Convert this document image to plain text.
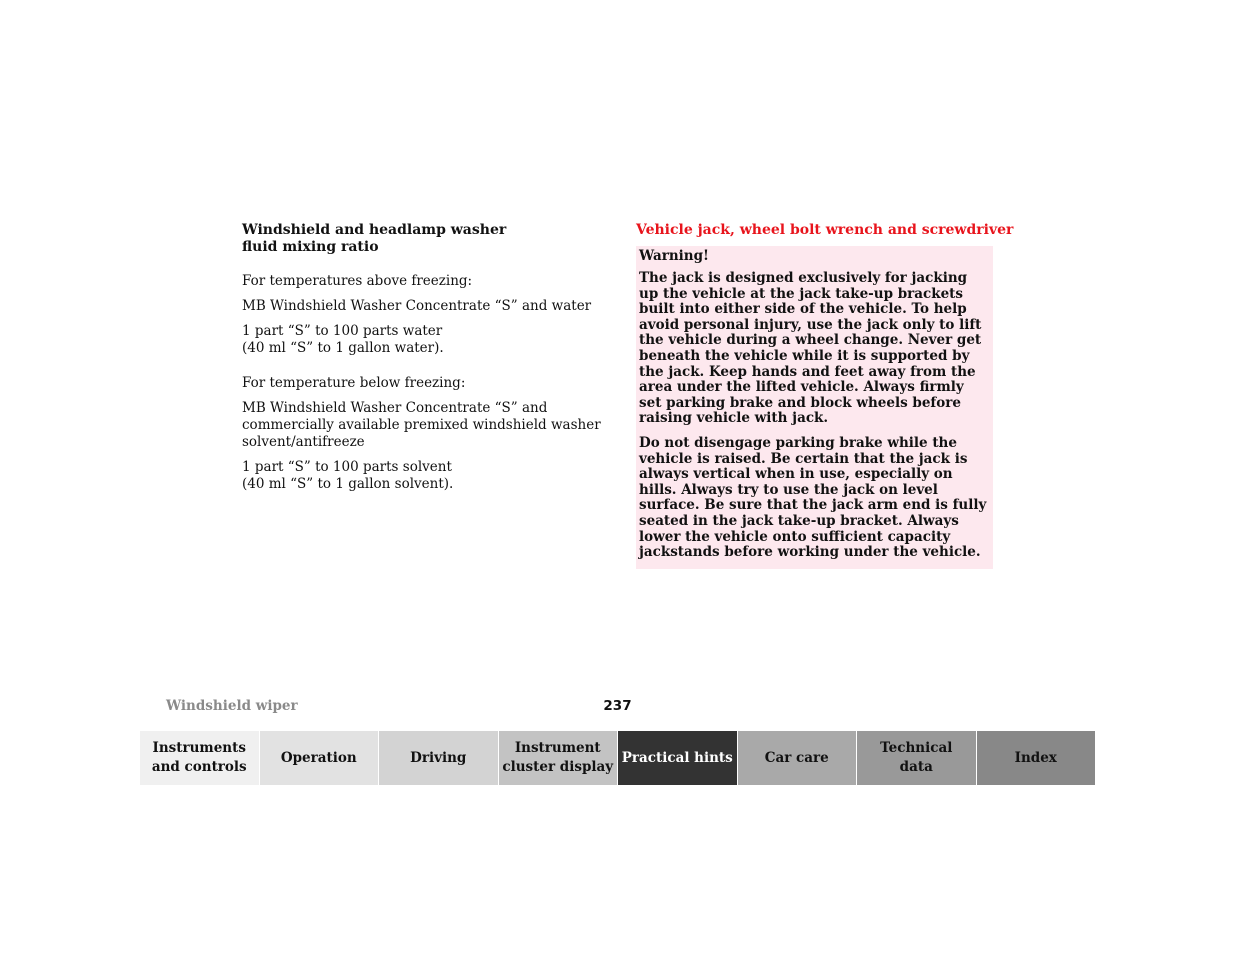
Windshield and headlamp washer
fluid mixing ratio

For temperatures above freezing:

MB Windshield Washer Concentrate “S” and water

1 part “S” to 100 parts water
(40 ml “S” to 1 gallon water).

For temperature below freezing:

MB Windshield Washer Concentrate “S” and commercially available premixed windshield washer solvent/antifreeze

1 part “S” to 100 parts solvent
(40 ml “S” to 1 gallon solvent).

Vehicle jack, wheel bolt wrench and screwdriver

Warning!

The jack is designed exclusively for jacking up the vehicle at the jack take-up brackets built into either side of the vehicle. To help avoid personal injury, use the jack only to lift the vehicle during a wheel change. Never get beneath the vehicle while it is supported by the jack. Keep hands and feet away from the area under the lifted vehicle. Always firmly set parking brake and block wheels before raising vehicle with jack.

Do not disengage parking brake while the vehicle is raised. Be certain that the jack is always vertical when in use, especially on hills. Always try to use the jack on level surface. Be sure that the jack arm end is fully seated in the jack take-up bracket. Always lower the vehicle onto sufficient capacity jackstands before working under the vehicle.

Windshield wiper	237
Instruments
and controls
Operation	Driving
Instrument
cluster display
Practical hints	Car care
Technical
data
Index
